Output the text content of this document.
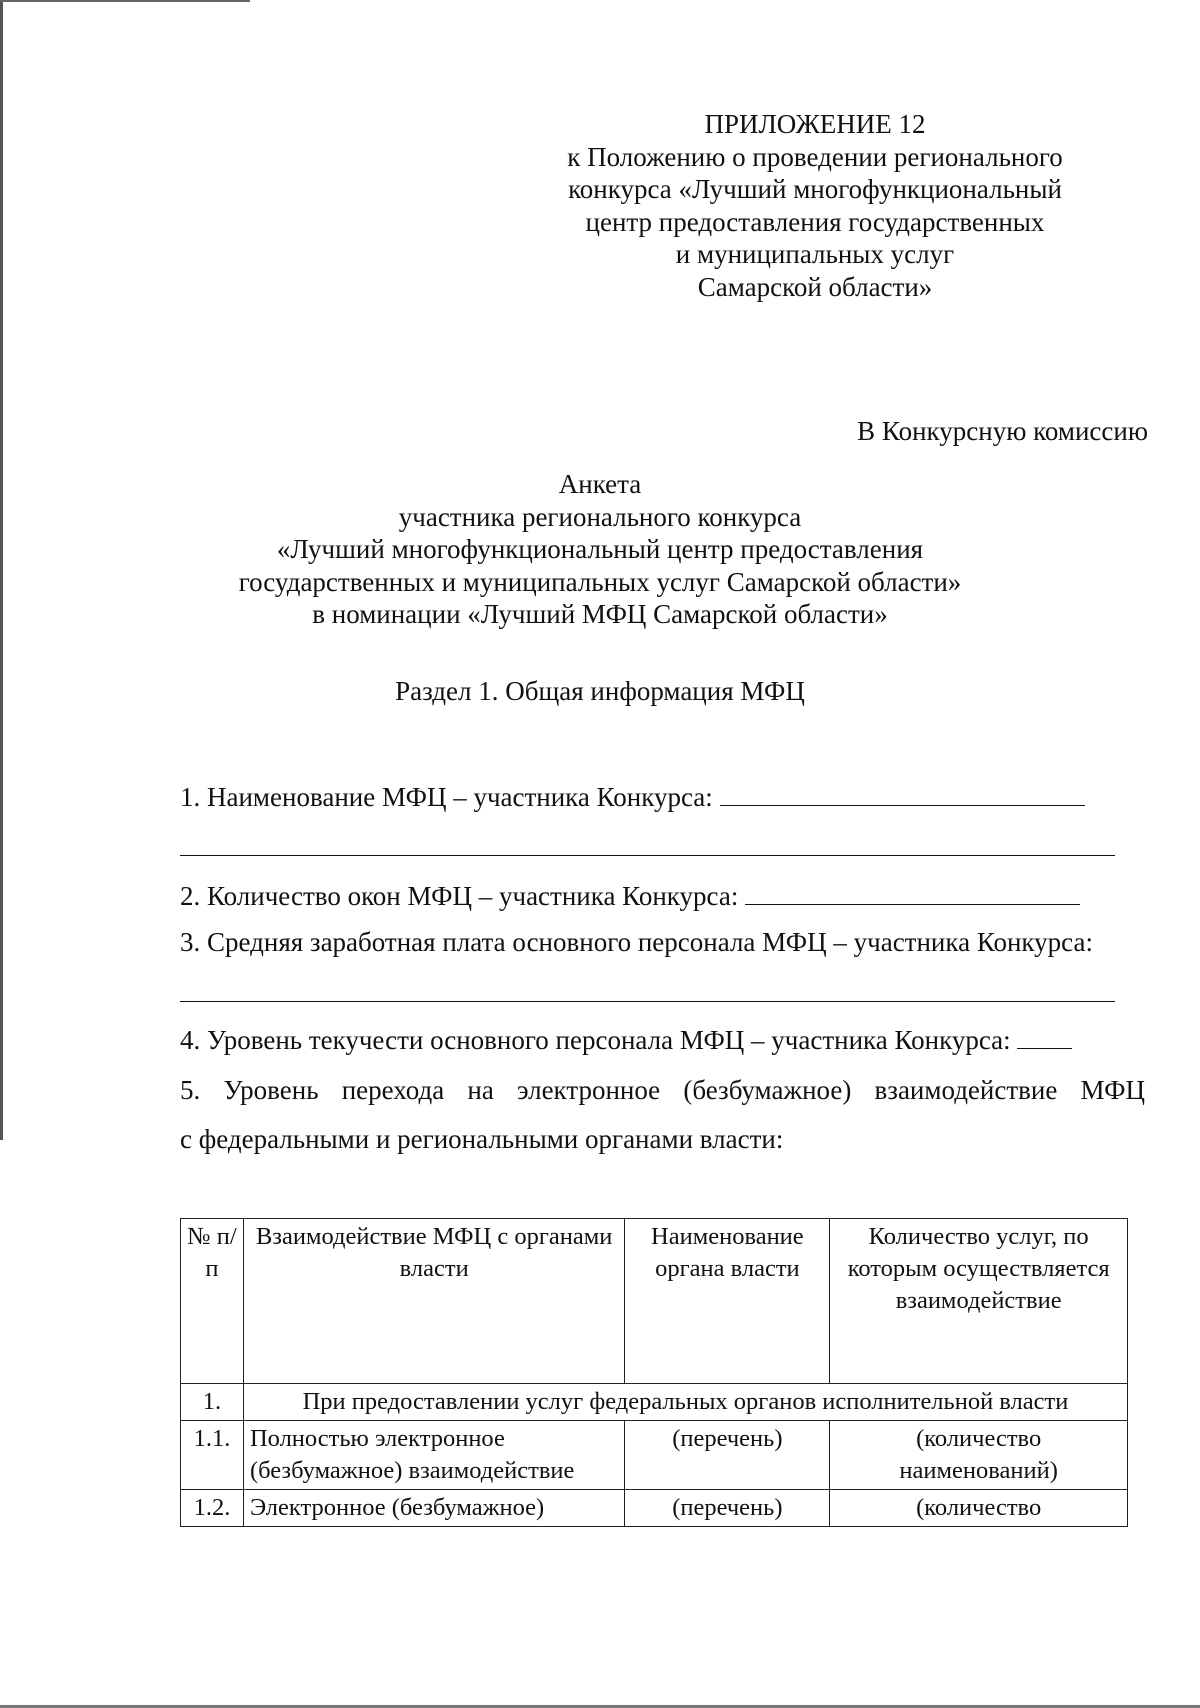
ПРИЛОЖЕНИЕ 12
к Положению о проведении регионального
конкурса «Лучший многофункциональный
центр предоставления государственных
и муниципальных услуг
Самарской области»
В Конкурсную комиссию
Анкета
участника регионального конкурса
«Лучший многофункциональный центр предоставления
государственных и муниципальных услуг Самарской области»
в номинации «Лучший МФЦ Самарской области»
Раздел 1. Общая информация МФЦ
1. Наименование МФЦ – участника Конкурса:
2. Количество окон МФЦ – участника Конкурса:
3. Средняя заработная плата основного персонала МФЦ – участника Конкурса:
4. Уровень текучести основного персонала МФЦ – участника Конкурса:
5. Уровень перехода на электронное (безбумажное) взаимодействие МФЦ
с федеральными и региональными органами власти:
№ п/п	Взаимодействие МФЦ с органами власти	Наименование органа власти	Количество услуг, по которым осуществляется взаимодействие
1.	При предоставлении услуг федеральных органов исполнительной власти		
1.1.	Полностью электронное (безбумажное) взаимодействие	(перечень)	(количество наименований)
1.2.	Электронное (безбумажное)	(перечень)	(количество
